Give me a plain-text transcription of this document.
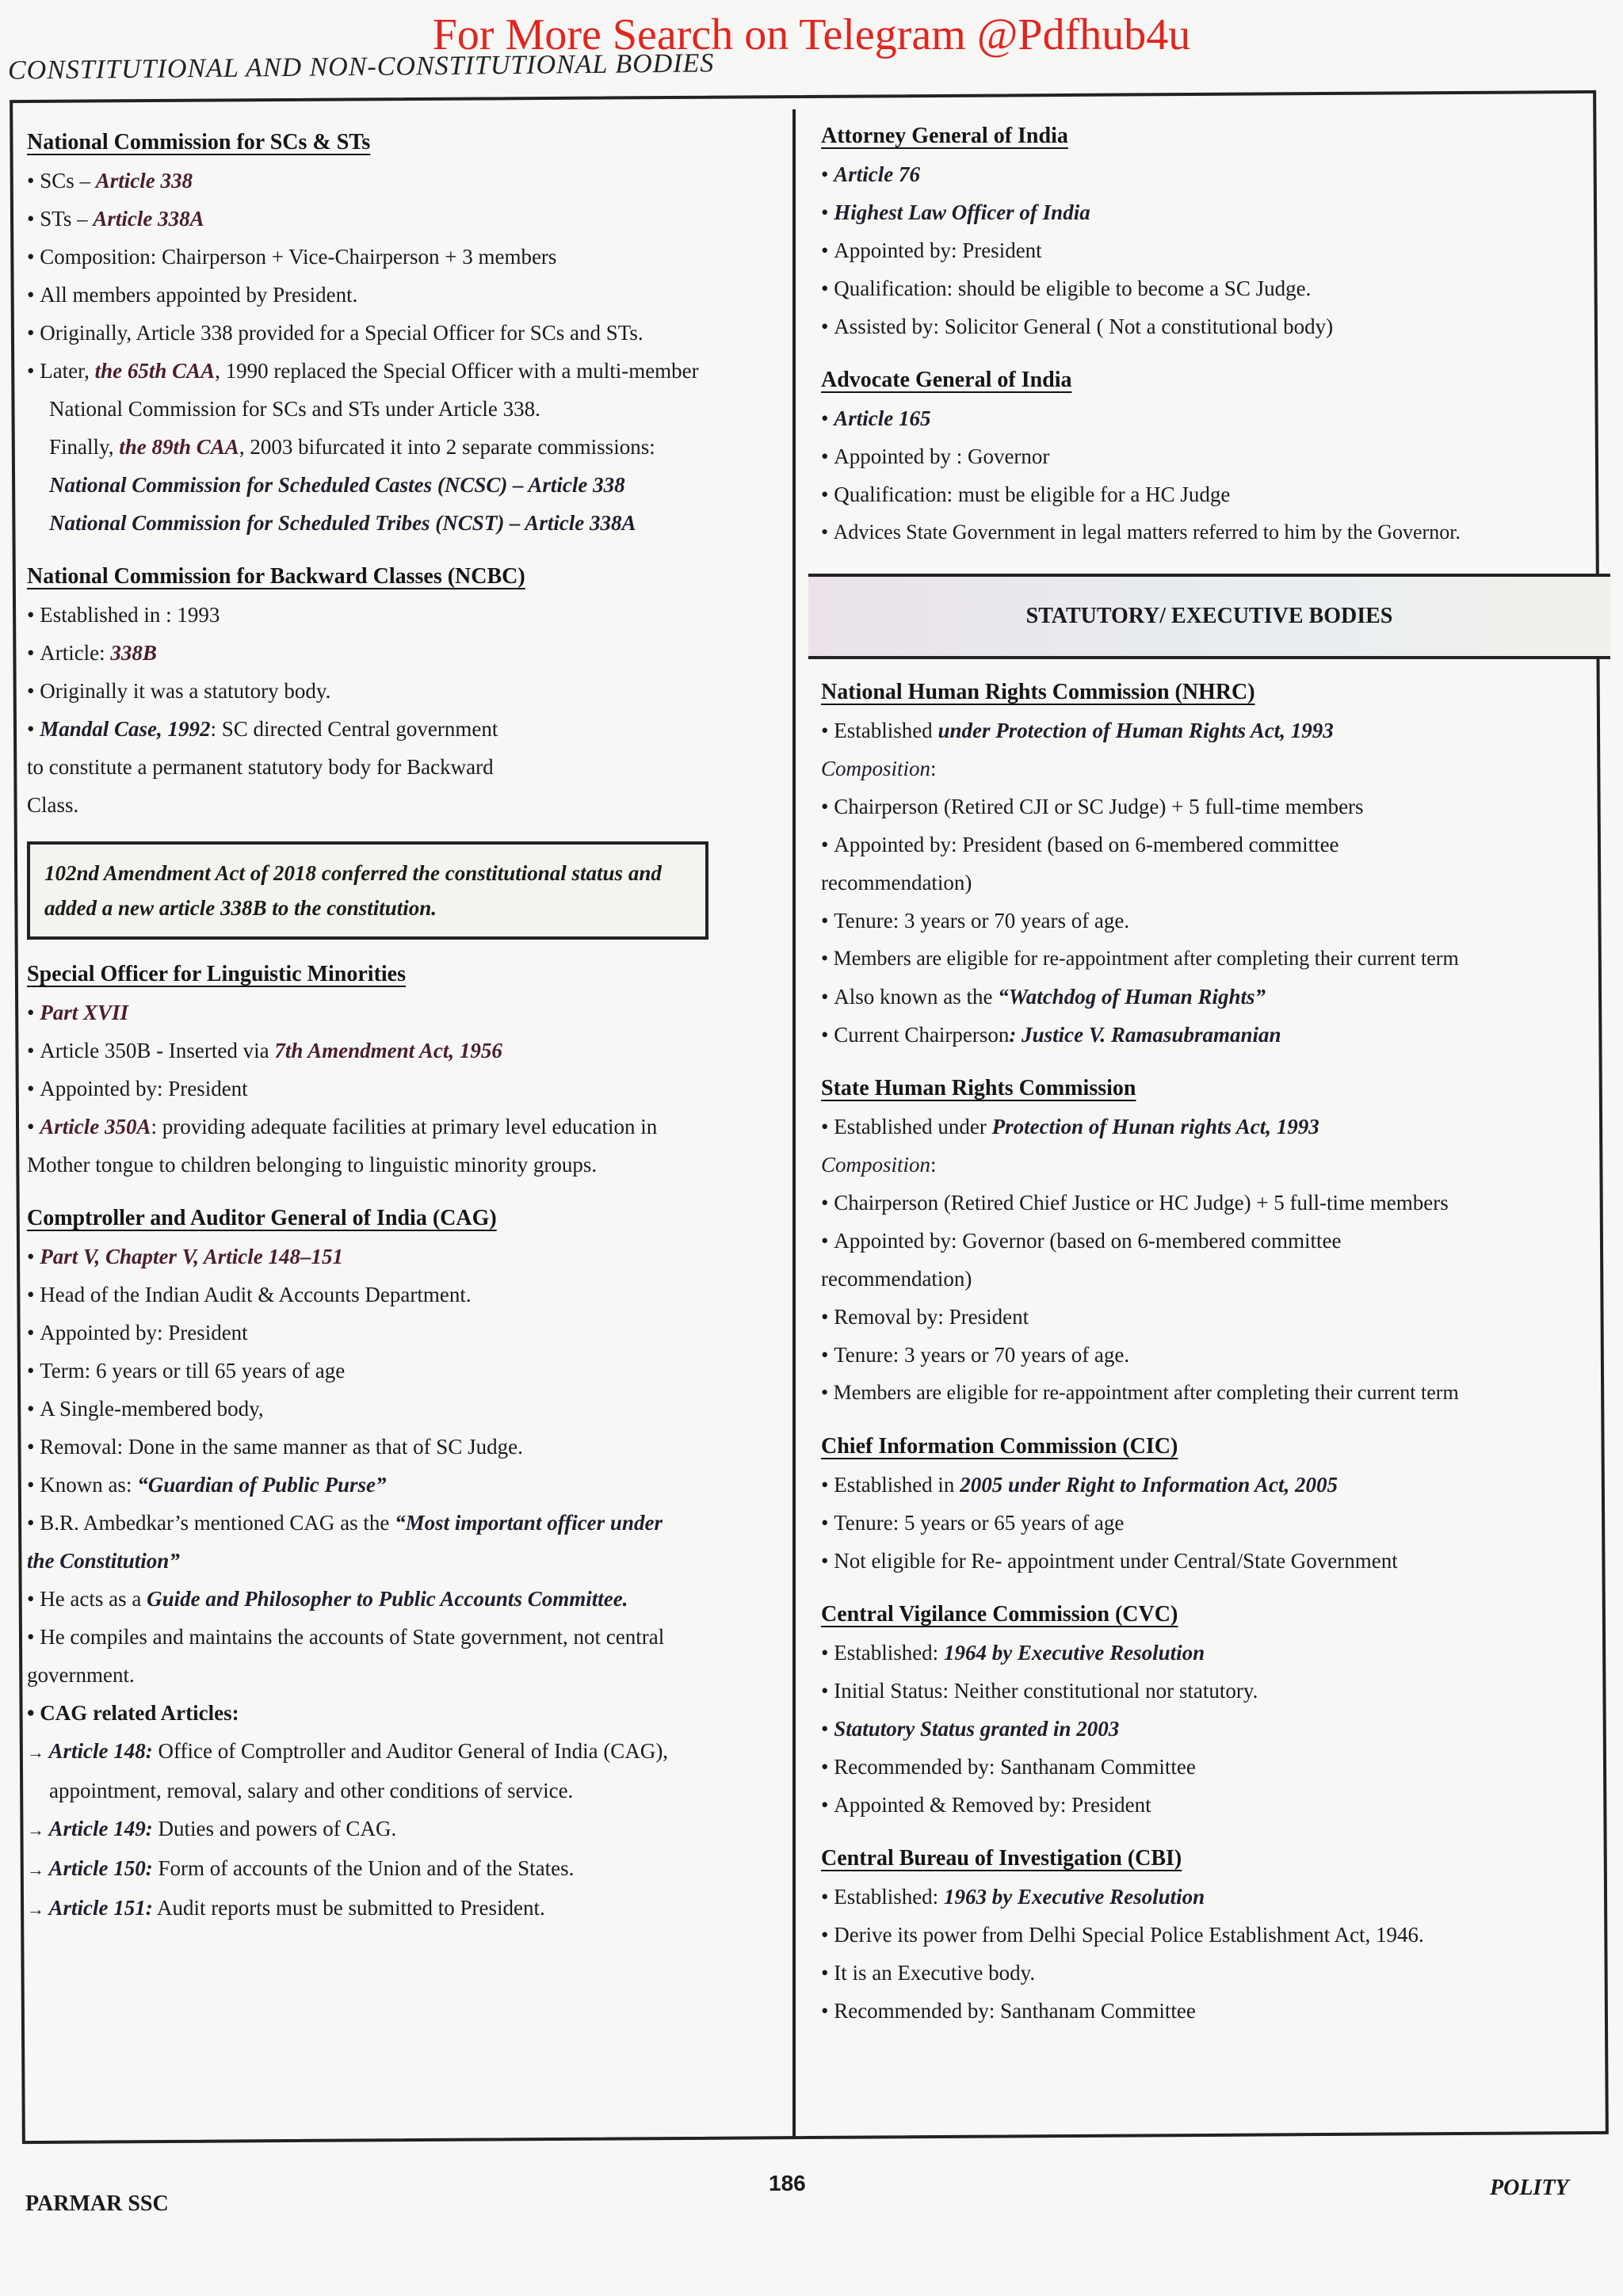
For More Search on Telegram @Pdfhub4u
CONSTITUTIONAL AND NON-CONSTITUTIONAL BODIES
National Commission for SCs & STs
• SCs – Article 338
• STs – Article 338A
• Composition: Chairperson + Vice-Chairperson + 3 members
• All members appointed by President.
• Originally, Article 338 provided for a Special Officer for SCs and STs.
• Later, the 65th CAA, 1990 replaced the Special Officer with a multi-member
National Commission for SCs and STs under Article 338.
Finally, the 89th CAA, 2003 bifurcated it into 2 separate commissions:
National Commission for Scheduled Castes (NCSC) – Article 338
National Commission for Scheduled Tribes (NCST) – Article 338A
National Commission for Backward Classes (NCBC)
• Established in : 1993
• Article: 338B
• Originally it was a statutory body.
• Mandal Case, 1992: SC directed Central government
to constitute a permanent statutory body for Backward
Class.
102nd Amendment Act of 2018 conferred the constitutional status and added a new article 338B to the constitution.
Special Officer for Linguistic Minorities
• Part XVII
• Article 350B - Inserted via 7th Amendment Act, 1956
• Appointed by: President
• Article 350A: providing adequate facilities at primary level education in
Mother tongue to children belonging to linguistic minority groups.
Comptroller and Auditor General of India (CAG)
• Part V, Chapter V, Article 148–151
• Head of the Indian Audit & Accounts Department.
• Appointed by: President
• Term: 6 years or till 65 years of age
• A Single-membered body,
• Removal: Done in the same manner as that of SC Judge.
• Known as: “Guardian of Public Purse”
• B.R. Ambedkar’s mentioned CAG as the “Most important officer under
the Constitution”
• He acts as a Guide and Philosopher to Public Accounts Committee.
• He compiles and maintains the accounts of State government, not central
government.
• CAG related Articles:
→ Article 148: Office of Comptroller and Auditor General of India (CAG),
appointment, removal, salary and other conditions of service.
→ Article 149: Duties and powers of CAG.
→ Article 150: Form of accounts of the Union and of the States.
→ Article 151: Audit reports must be submitted to President.
Attorney General of India
• Article 76
• Highest Law Officer of India
• Appointed by: President
• Qualification: should be eligible to become a SC Judge.
• Assisted by: Solicitor General ( Not a constitutional body)
Advocate General of India
• Article 165
• Appointed by : Governor
• Qualification: must be eligible for a HC Judge
• Advices State Government in legal matters referred to him by the Governor.
STATUTORY/ EXECUTIVE BODIES
National Human Rights Commission (NHRC)
• Established under Protection of Human Rights Act, 1993
Composition:
• Chairperson (Retired CJI or SC Judge) + 5 full-time members
• Appointed by: President (based on 6-membered committee
recommendation)
• Tenure: 3 years or 70 years of age.
• Members are eligible for re-appointment after completing their current term
• Also known as the “Watchdog of Human Rights”
• Current Chairperson: Justice V. Ramasubramanian
State Human Rights Commission
• Established under Protection of Hunan rights Act, 1993
Composition:
• Chairperson (Retired Chief Justice or HC Judge) + 5 full-time members
• Appointed by: Governor (based on 6-membered committee
recommendation)
• Removal by: President
• Tenure: 3 years or 70 years of age.
• Members are eligible for re-appointment after completing their current term
Chief Information Commission (CIC)
• Established in 2005 under Right to Information Act, 2005
• Tenure: 5 years or 65 years of age
• Not eligible for Re- appointment under Central/State Government
Central Vigilance Commission (CVC)
• Established: 1964 by Executive Resolution
• Initial Status: Neither constitutional nor statutory.
• Statutory Status granted in 2003
• Recommended by: Santhanam Committee
• Appointed & Removed by: President
Central Bureau of Investigation (CBI)
• Established: 1963 by Executive Resolution
• Derive its power from Delhi Special Police Establishment Act, 1946.
• It is an Executive body.
• Recommended by: Santhanam Committee
PARMAR SSC
186	POLITY
